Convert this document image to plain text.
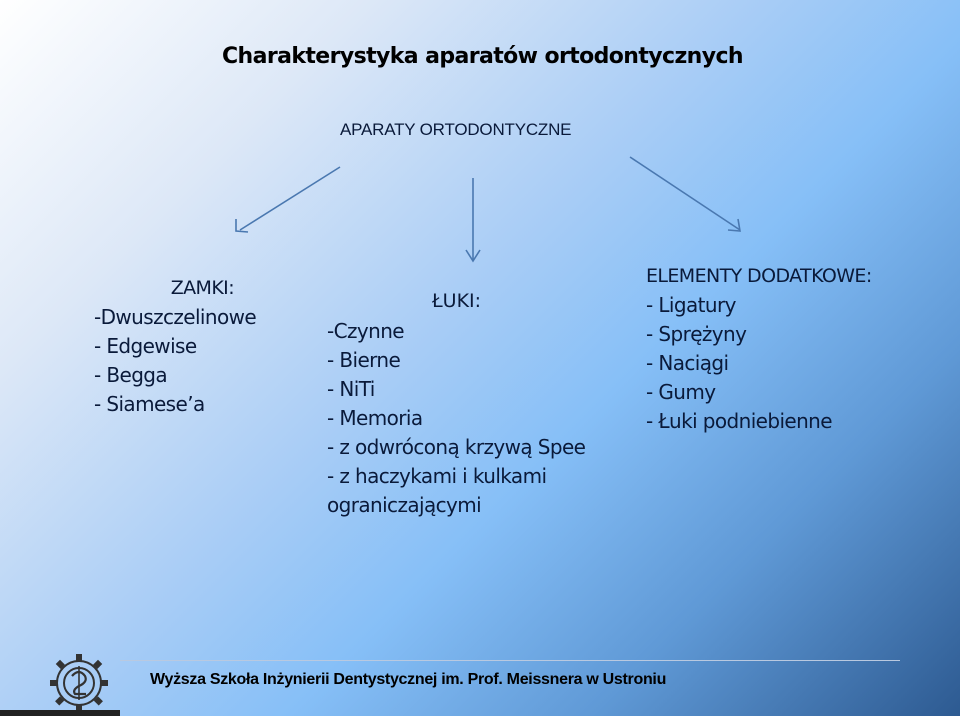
Charakterystyka aparatów ortodontycznych
APARATY ORTODONTYCZNE
ZAMKI:
-Dwuszczelinowe
- Edgewise
- Begga
- Siamese’a
ŁUKI:
-Czynne
- Bierne
- NiTi
- Memoria
- z odwróconą krzywą Spee
- z haczykami i kulkami
ograniczającymi
ELEMENTY DODATKOWE:
- Ligatury
- Sprężyny
- Naciągi
- Gumy
- Łuki podniebienne
Wyższa Szkoła Inżynierii Dentystycznej im. Prof. Meissnera w Ustroniu
